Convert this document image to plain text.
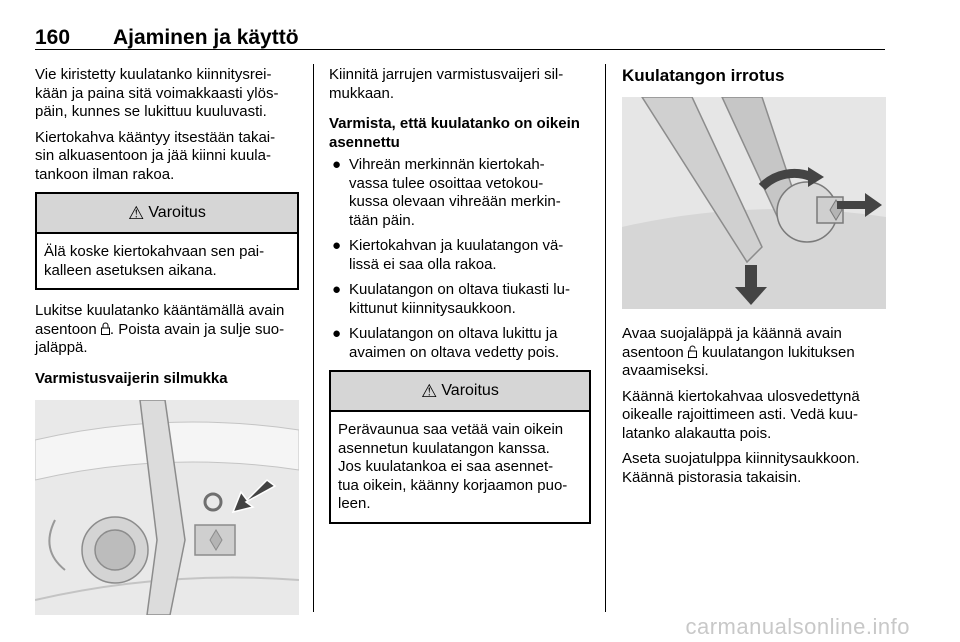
160 Ajaminen ja käyttö

Vie kiristetty kuulatanko kiinnitysrei-
kään ja paina sitä voimakkaasti ylös-
päin, kunnes se lukittuu kuuluvasti.

Kiertokahva kääntyy itsestään takai-
sin alkuasentoon ja jää kiinni kuula-
tankoon ilman rakoa.

⚠ Varoitus
Älä koske kiertokahvaan sen pai-
kalleen asetuksen aikana.

Lukitse kuulatanko kääntämällä avain
asentoon . Poista avain ja sulje suo-
jaläppä.

Varmistusvaijerin silmukka

Kiinnitä jarrujen varmistusvaijeri sil-
mukkaan.

Varmista, että kuulatanko on oikein
asennettu

● Vihreän merkinnän kiertokah-
vassa tulee osoittaa vetokou-
kussa olevaan vihreään merkin-
tään päin.
● Kiertokahvan ja kuulatangon vä-
lissä ei saa olla rakoa.
● Kuulatangon on oltava tiukasti lu-
kittunut kiinnitysaukkoon.
● Kuulatangon on oltava lukittu ja
avaimen on oltava vedetty pois.
⚠ Varoitus
Perävaunua saa vetää vain oikein
asennetun kuulatangon kanssa.
Jos kuulatankoa ei saa asennet-
tua oikein, käänny korjaamon puo-
leen.

Kuulatangon irrotus

Avaa suojaläppä ja käännä avain
asentoon  kuulatangon lukituksen
avaamiseksi.

Käännä kiertokahvaa ulosvedettynä
oikealle rajoittimeen asti. Vedä kuu-
latanko alakautta pois.

Aseta suojatulppa kiinnitysaukkoon.
Käännä pistorasia takaisin.

carmanualsonline.info
